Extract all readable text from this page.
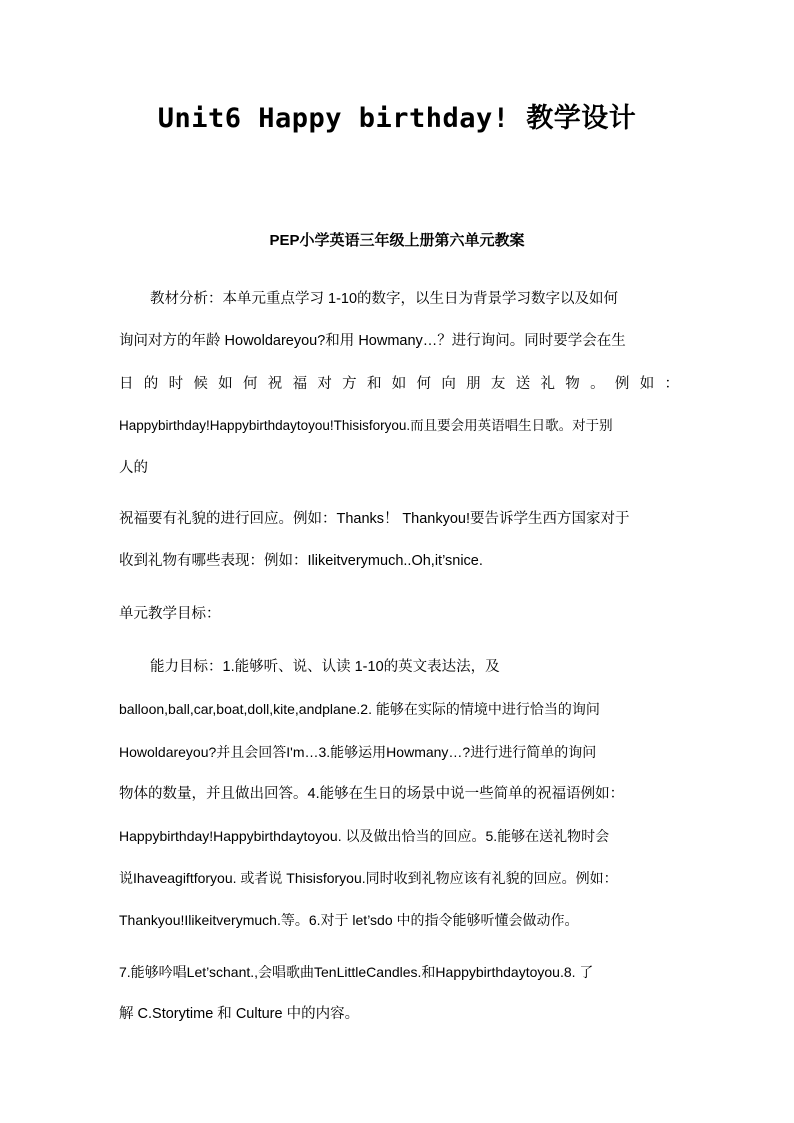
Unit6 Happy birthday! 教学设计
PEP小学英语三年级上册第六单元教案
教材分析：本单元重点学习 1-10的数字，以生日为背景学习数字以及如何
询问对方的年龄 Howoldareyou?和用 Howmany…？进行询问。同时要学会在生
日 的 时 候 如 何 祝 福 对 方 和 如 何 向 朋 友 送 礼 物 。 例 如 ：
Happybirthday!Happybirthdaytoyou!Thisisforyou.而且要会用英语唱生日歌。对于别
人的
祝福要有礼貌的进行回应。例如：Thanks！ Thankyou!要告诉学生西方国家对于
收到礼物有哪些表现：例如：Ilikeitverymuch..Oh,it’snice.
单元教学目标：
能力目标：1.能够听、说、认读 1-10的英文表达法，及
balloon,ball,car,boat,doll,kite,andplane.2. 能够在实际的情境中进行恰当的询问
Howoldareyou?并且会回答I'm…3.能够运用Howmany…?进行进行简单的询问
物体的数量，并且做出回答。4.能够在生日的场景中说一些简单的祝福语例如：
Happybirthday!Happybirthdaytoyou. 以及做出恰当的回应。5.能够在送礼物时会
说Ihaveagiftforyou. 或者说 Thisisforyou.同时收到礼物应该有礼貌的回应。例如：
Thankyou!Ilikeitverymuch.等。6.对于 let’sdo 中的指令能够听懂会做动作。
7.能够吟唱Let’schant.,会唱歌曲TenLittleCandles.和Happybirthdaytoyou.8. 了
解 C.Storytime 和 Culture 中的内容。
